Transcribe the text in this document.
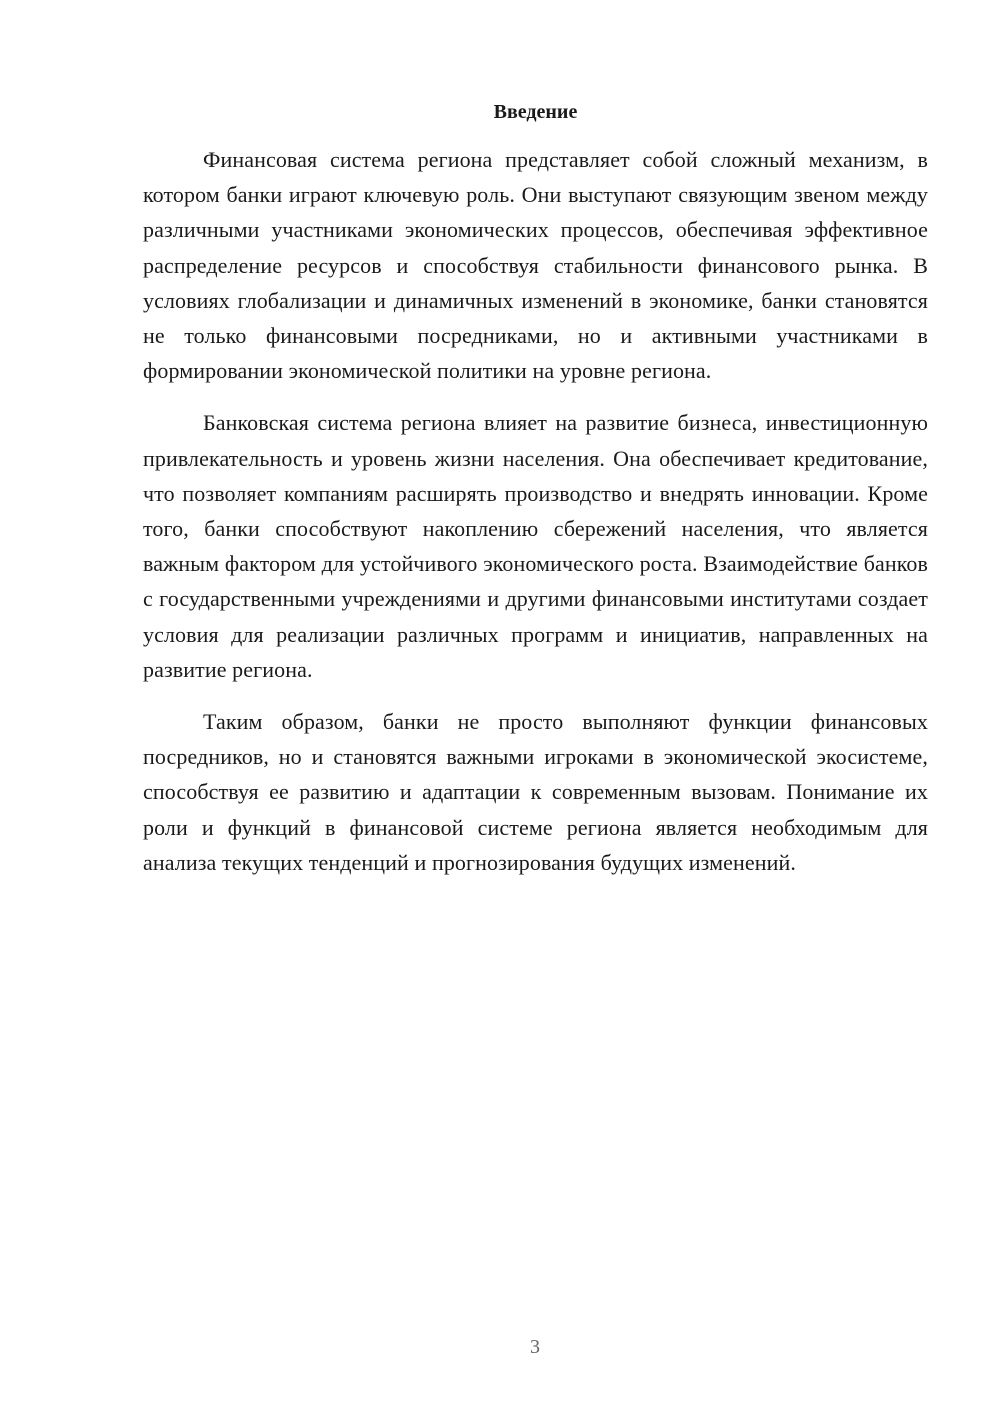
Введение

Финансовая система региона представляет собой сложный механизм, в котором банки играют ключевую роль. Они выступают связующим звеном между различными участниками экономических процессов, обеспечивая эффективное распределение ресурсов и способствуя стабильности финансового рынка. В условиях глобализации и динамичных изменений в экономике, банки становятся не только финансовыми посредниками, но и активными участниками в формировании экономической политики на уровне региона.

Банковская система региона влияет на развитие бизнеса, инвестиционную привлекательность и уровень жизни населения. Она обеспечивает кредитование, что позволяет компаниям расширять производство и внедрять инновации. Кроме того, банки способствуют накоплению сбережений населения, что является важным фактором для устойчивого экономического роста. Взаимодействие банков с государственными учреждениями и другими финансовыми институтами создает условия для реализации различных программ и инициатив, направленных на развитие региона.

Таким образом, банки не просто выполняют функции финансовых посредников, но и становятся важными игроками в экономической экосистеме, способствуя ее развитию и адаптации к современным вызовам. Понимание их роли и функций в финансовой системе региона является необходимым для анализа текущих тенденций и прогнозирования будущих изменений.

3
